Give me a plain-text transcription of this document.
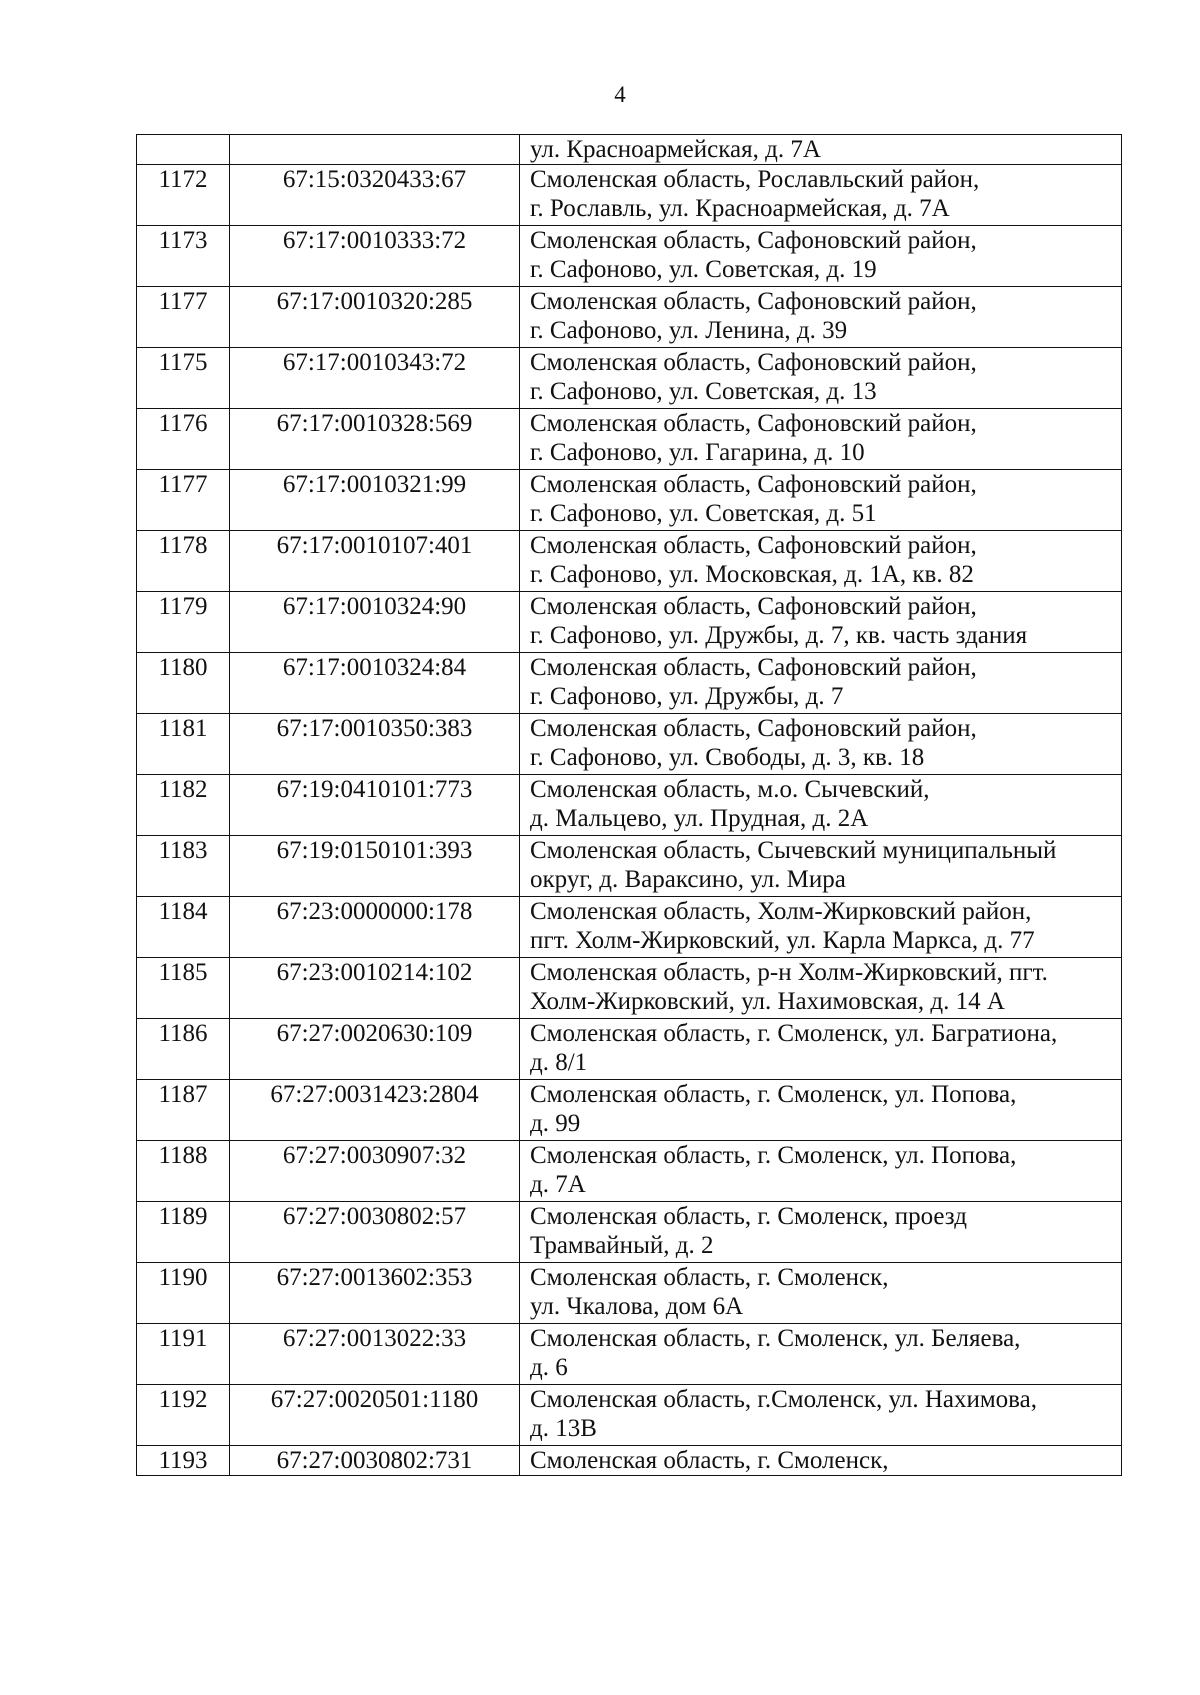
4

		ул. Красноармейская, д. 7А

1172	67:15:0320433:67	Смоленская область, Рославльский район,
г. Рославль, ул. Красноармейская, д. 7А

1173	67:17:0010333:72	Смоленская область, Сафоновский район,
г. Сафоново, ул. Советская, д. 19

1177	67:17:0010320:285	Смоленская область, Сафоновский район,
г. Сафоново, ул. Ленина, д. 39

1175	67:17:0010343:72	Смоленская область, Сафоновский район,
г. Сафоново, ул. Советская, д. 13

1176	67:17:0010328:569	Смоленская область, Сафоновский район,
г. Сафоново, ул. Гагарина, д. 10

1177	67:17:0010321:99	Смоленская область, Сафоновский район,
г. Сафоново, ул. Советская, д. 51

1178	67:17:0010107:401	Смоленская область, Сафоновский район,
г. Сафоново, ул. Московская, д. 1А, кв. 82

1179	67:17:0010324:90	Смоленская область, Сафоновский район,
г. Сафоново, ул. Дружбы, д. 7, кв. часть здания

1180	67:17:0010324:84	Смоленская область, Сафоновский район,
г. Сафоново, ул. Дружбы, д. 7

1181	67:17:0010350:383	Смоленская область, Сафоновский район,
г. Сафоново, ул. Свободы, д. 3, кв. 18

1182	67:19:0410101:773	Смоленская область, м.о. Сычевский,
д. Мальцево, ул. Прудная, д. 2А

1183	67:19:0150101:393	Смоленская область, Сычевский муниципальный
округ, д. Вараксино, ул. Мира

1184	67:23:0000000:178	Смоленская область, Холм-Жирковский район,
пгт. Холм-Жирковский, ул. Карла Маркса, д. 77

1185	67:23:0010214:102	Смоленская область, р-н Холм-Жирковский, пгт.
Холм-Жирковский, ул. Нахимовская, д. 14 А

1186	67:27:0020630:109	Смоленская область, г. Смоленск, ул. Багратиона,
д. 8/1

1187	67:27:0031423:2804	Смоленская область, г. Смоленск, ул. Попова,
д. 99

1188	67:27:0030907:32	Смоленская область, г. Смоленск, ул. Попова,
д. 7А

1189	67:27:0030802:57	Смоленская область, г. Смоленск, проезд
Трамвайный, д. 2

1190	67:27:0013602:353	Смоленская область, г. Смоленск,
ул. Чкалова, дом 6А

1191	67:27:0013022:33	Смоленская область, г. Смоленск, ул. Беляева,
д. 6

1192	67:27:0020501:1180	Смоленская область, г.Смоленск, ул. Нахимова,
д. 13В

1193	67:27:0030802:731	Смоленская область, г. Смоленск,
